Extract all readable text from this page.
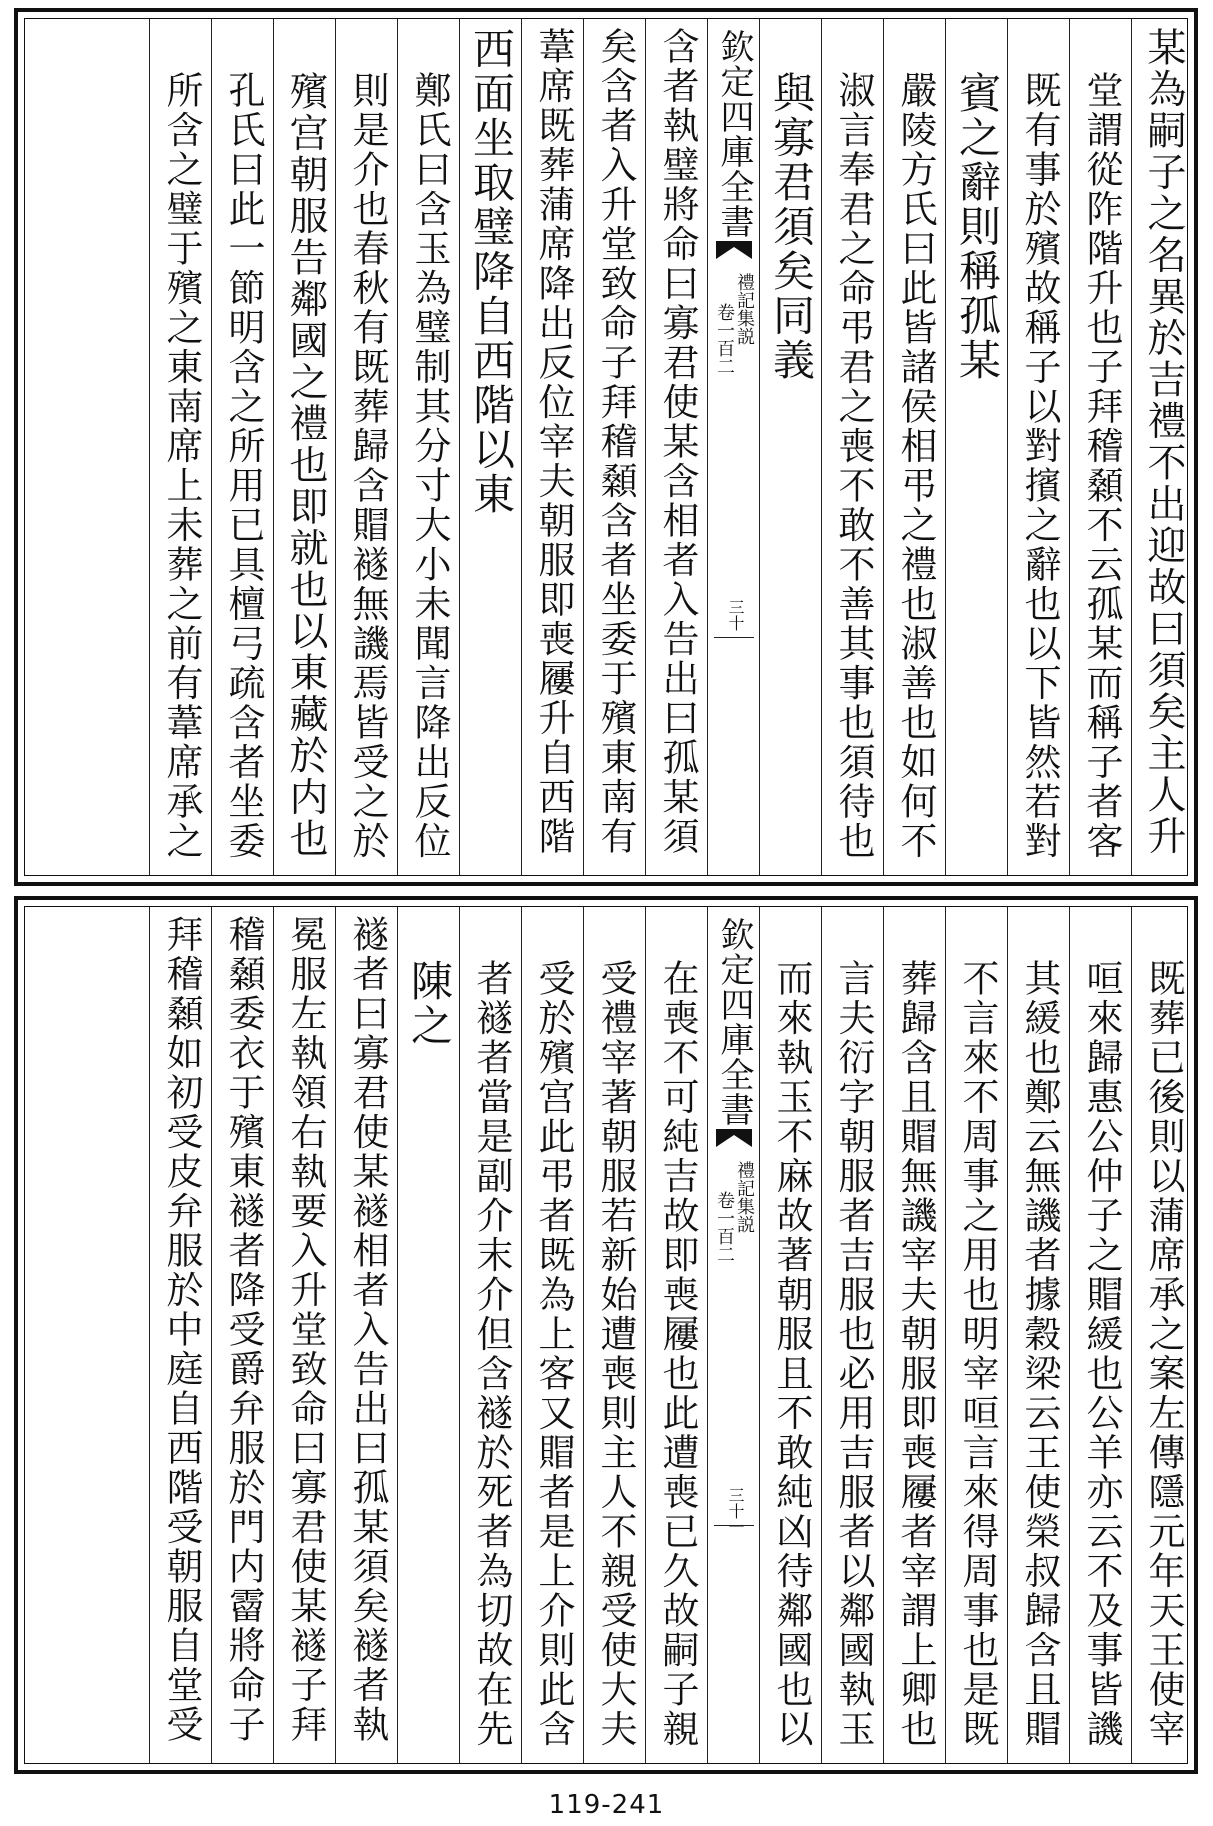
某為嗣子之名異於吉禮不出迎故曰須矣主人升
堂謂從阼階升也子拜稽顙不云孤某而稱子者客
既有事於殯故稱子以對擯之辭也以下皆然若對
賓之辭則稱孤某
嚴陵方氏曰此皆諸侯相弔之禮也淑善也如何不
淑言奉君之命弔君之喪不敢不善其事也須待也
與寡君須矣同義
欽定四庫全書
禮記集説
卷一百二
三十
含者執璧將命曰寡君使某含相者入告出曰孤某須
矣含者入升堂致命子拜稽顙含者坐委于殯東南有
葦席既葬蒲席降出反位宰夫朝服即喪屨升自西階
西面坐取璧降自西階以東
鄭氏曰含玉為璧制其分寸大小未聞言降出反位
則是介也春秋有既葬歸含賵襚無譏焉皆受之於
殯宫朝服告鄰國之禮也即就也以東藏於内也
孔氏曰此一節明含之所用已具檀弓疏含者坐委
所含之璧于殯之東南席上未葬之前有葦席承之
既葬已後則以蒲席承之案左傳隱元年天王使宰
咺來歸惠公仲子之賵緩也公羊亦云不及事皆譏
其緩也鄭云無譏者據穀梁云王使榮叔歸含且賵
不言來不周事之用也明宰咺言來得周事也是既
葬歸含且賵無譏宰夫朝服即喪屨者宰謂上卿也
言夫衍字朝服者吉服也必用吉服者以鄰國執玉
而來執玉不麻故著朝服且不敢純凶待鄰國也以
欽定四庫全書
禮記集説
卷一百二
三十一
在喪不可純吉故即喪屨也此遭喪已久故嗣子親
受禮宰著朝服若新始遭喪則主人不親受使大夫
受於殯宫此弔者既為上客又賵者是上介則此含
者襚者當是副介末介但含襚於死者為切故在先
陳之
襚者曰寡君使某襚相者入告出曰孤某須矣襚者執
冕服左執領右執要入升堂致命曰寡君使某襚子拜
稽顙委衣于殯東襚者降受爵弁服於門内霤將命子
拜稽顙如初受皮弁服於中庭自西階受朝服自堂受
119-241
